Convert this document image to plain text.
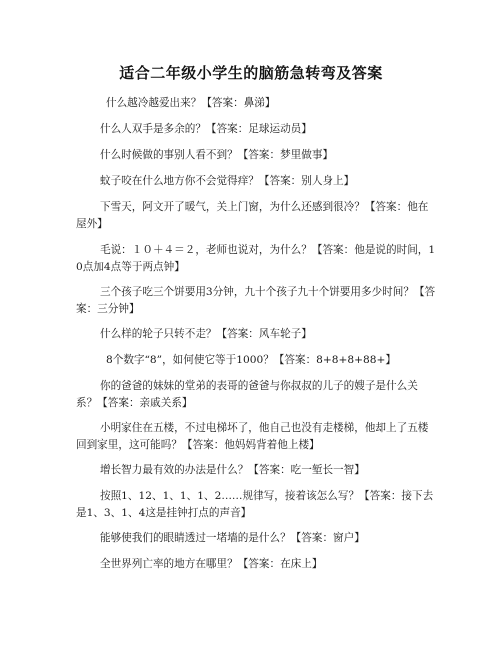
适合二年级小学生的脑筋急转弯及答案

什么越冷越爱出来？【答案：鼻涕】

什么人双手是多余的？【答案：足球运动员】

什么时候做的事别人看不到？【答案：梦里做事】

蚊子咬在什么地方你不会觉得痒？【答案：别人身上】

下雪天，阿文开了暖气，关上门窗，为什么还感到很冷？【答案：他在屋外】

毛说：１０＋４＝２，老师也说对，为什么？【答案：他是说的时间，10点加4点等于两点钟】

三个孩子吃三个饼要用3分钟，九十个孩子九十个饼要用多少时间？【答案：三分钟】

什么样的轮子只转不走？【答案：风车轮子】

8个数字“8”，如何使它等于1000？【答案：8+8+8+88+】

你的爸爸的妹妹的堂弟的表哥的爸爸与你叔叔的儿子的嫂子是什么关系？【答案：亲戚关系】

小明家住在五楼，不过电梯坏了，他自己也没有走楼梯，他却上了五楼回到家里，这可能吗？【答案：他妈妈背着他上楼】

增长智力最有效的办法是什么？【答案：吃一堑长一智】

按照1、12、1、1、1、2……规律写，接着该怎么写？【答案：接下去是1、3、1、4这是挂钟打点的声音】

能够使我们的眼睛透过一堵墙的是什么？【答案：窗户】

全世界列亡率的地方在哪里？【答案：在床上】
